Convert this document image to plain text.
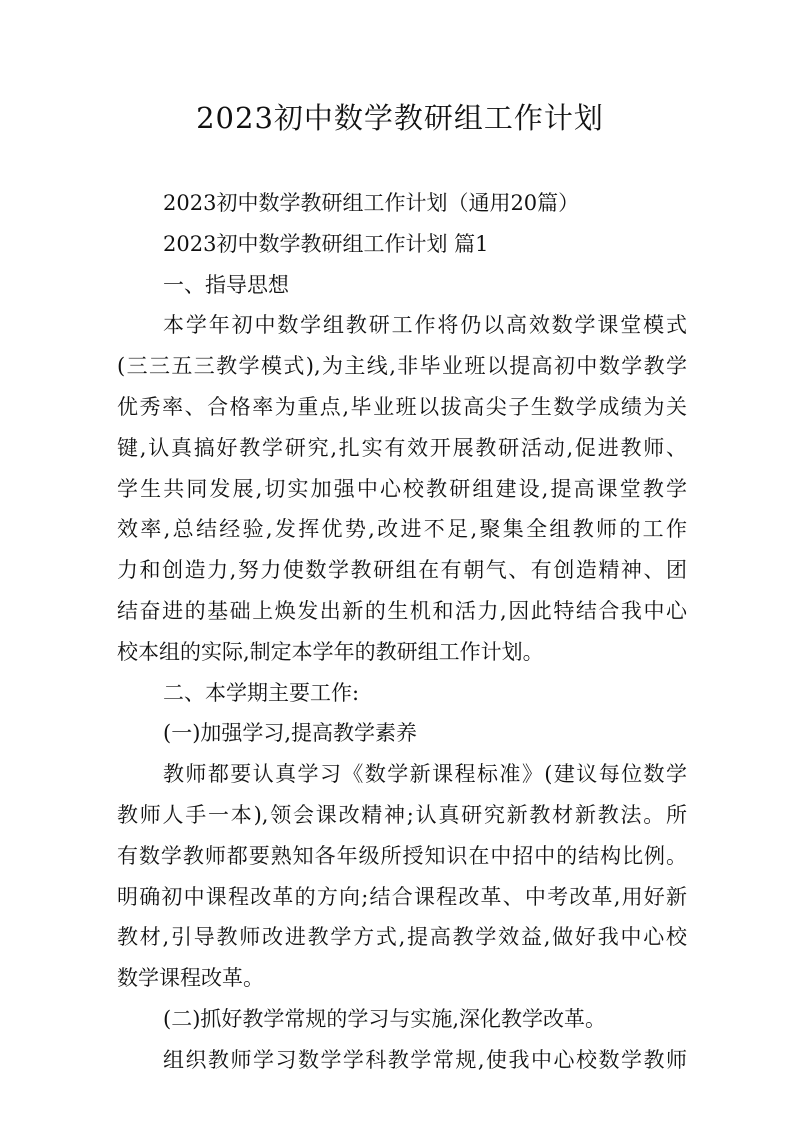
2023初中数学教研组工作计划
2023初中数学教研组工作计划（通用20篇）
2023初中数学教研组工作计划 篇1
一、指导思想
本学年初中数学组教研工作将仍以高效数学课堂模式
(三三五三教学模式),为主线,非毕业班以提高初中数学教学
优秀率、合格率为重点,毕业班以拔高尖子生数学成绩为关
键,认真搞好教学研究,扎实有效开展教研活动,促进教师、
学生共同发展,切实加强中心校教研组建设,提高课堂教学
效率,总结经验,发挥优势,改进不足,聚集全组教师的工作
力和创造力,努力使数学教研组在有朝气、有创造精神、团
结奋进的基础上焕发出新的生机和活力,因此特结合我中心
校本组的实际,制定本学年的教研组工作计划。
二、本学期主要工作:
(一)加强学习,提高教学素养
教师都要认真学习《数学新课程标准》(建议每位数学
教师人手一本),领会课改精神;认真研究新教材新教法。所
有数学教师都要熟知各年级所授知识在中招中的结构比例。
明确初中课程改革的方向;结合课程改革、中考改革,用好新
教材,引导教师改进教学方式,提高教学效益,做好我中心校
数学课程改革。
(二)抓好教学常规的学习与实施,深化教学改革。
组织教师学习数学学科教学常规,使我中心校数学教师
